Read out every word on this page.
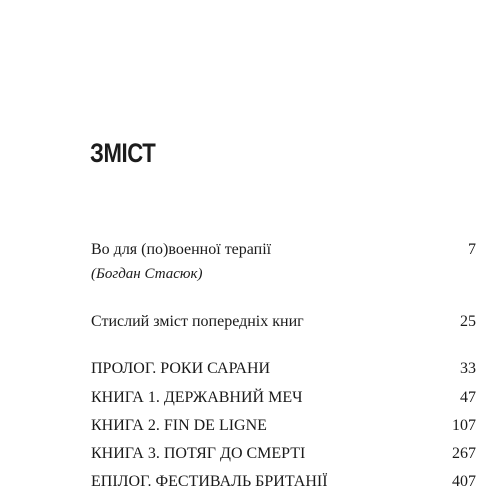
ЗМІСТ
Во для (по)военної терапії	7
(Богдан Стасюк)
Стислий зміст попередніх книг	25
ПРОЛОГ. РОКИ САРАНИ	33
КНИГА 1. ДЕРЖАВНИЙ МЕЧ	47
КНИГА 2. FIN DE LIGNE	107
КНИГА 3. ПОТЯГ ДО СМЕРТІ	267
ЕПІЛОГ. ФЕСТИВАЛЬ БРИТАНІЇ	407
